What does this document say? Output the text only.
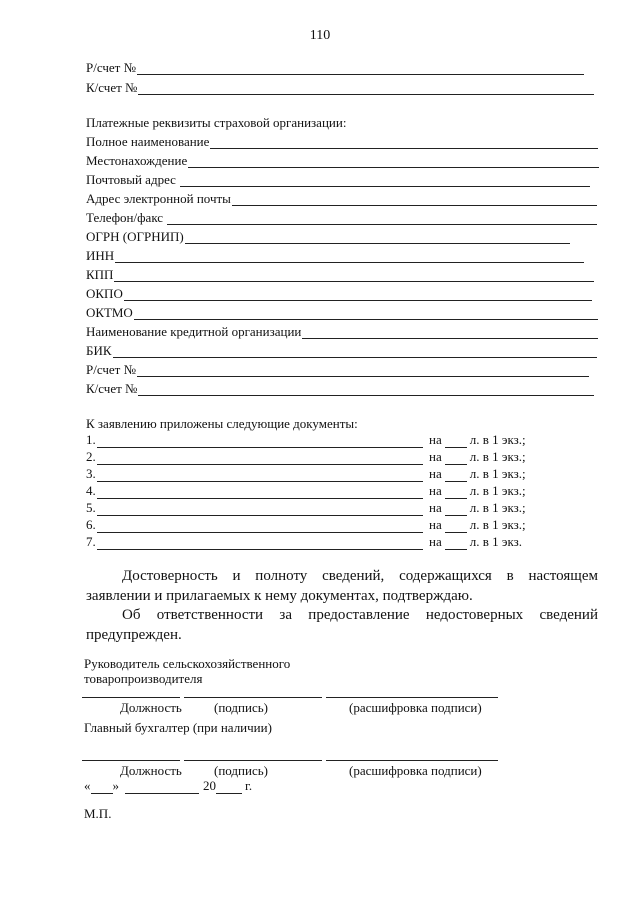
110
Р/счет №
К/счет №
Платежные реквизиты страховой организации:
Полное наименование
Местонахождение
Почтовый адрес
Адрес электронной почты
Телефон/факс
ОГРН (ОГРНИП)
ИНН
КПП
ОКПО
ОКТМО
Наименование кредитной организации
БИК
Р/счет №
К/счет №
К заявлению приложены следующие документы:
1.	на л. в 1 экз.;
2.	на л. в 1 экз.;
3.	на л. в 1 экз.;
4.	на л. в 1 экз.;
5.	на л. в 1 экз.;
6.	на л. в 1 экз.;
7.	на л. в 1 экз.
Достоверность и полноту сведений, содержащихся в настоящем
заявлении и прилагаемых к нему документах, подтверждаю.
Об ответственности за предоставление недостоверных сведений
предупрежден.
Руководитель сельскохозяйственного
товаропроизводителя
Должность (подпись)	(расшифровка подписи)
Главный бухгалтер (при наличии)
Должность (подпись)	(расшифровка подписи)
« »	20 г.
М.П.
